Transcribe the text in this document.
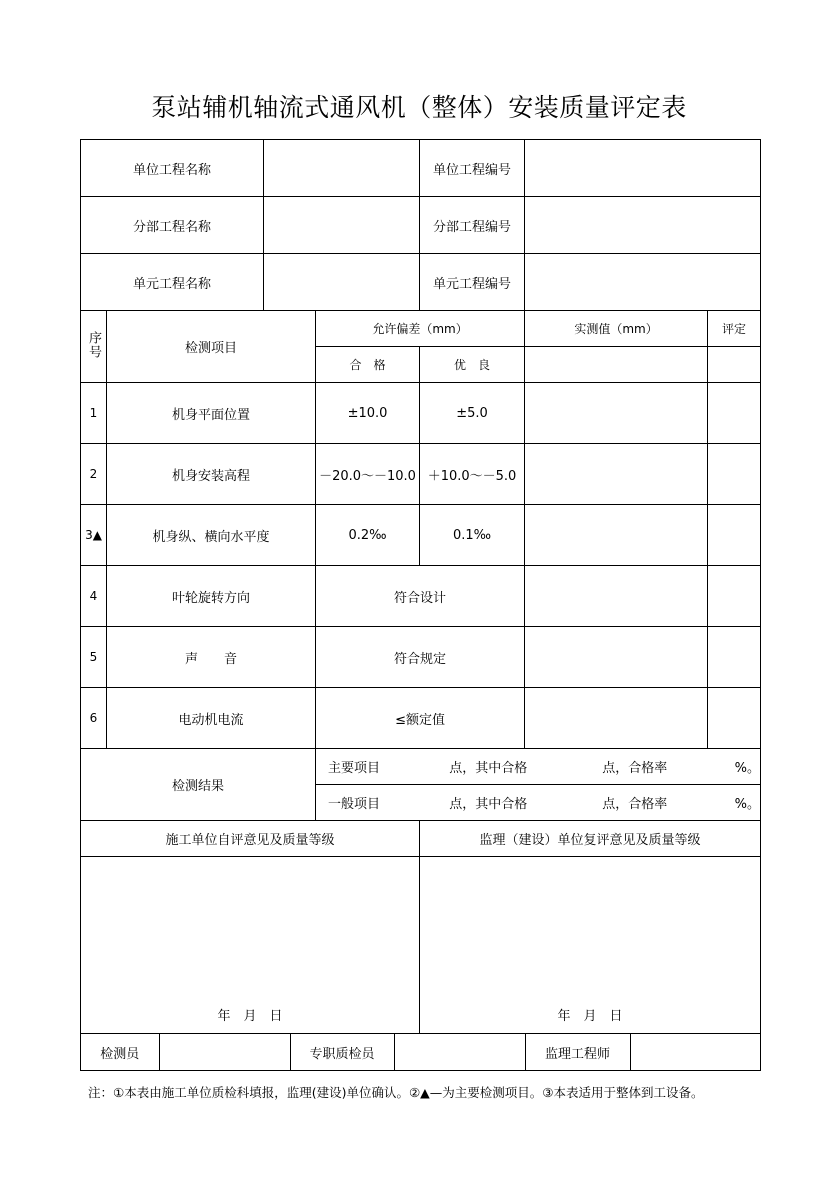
泵站辅机轴流式通风机（整体）安装质量评定表
单位工程名称		单位工程编号	
分部工程名称		分部工程编号	
单元工程名称		单元工程编号	
序号	检测项目	允许偏差（mm）	实测值（mm）	评定
合　格	优　良		
1	机身平面位置	±10.0	±5.0		
2	机身安装高程	－20.0～－10.0	＋10.0～－5.0		
3▲	机身纵、横向水平度	0.2‰	0.1‰		
4	叶轮旋转方向	符合设计		
5	声　　音	符合规定		
6	电动机电流	≤额定值		
检测结果	
主要项目	点，其中合格	点，合格率	%。

一般项目	点，其中合格	点，合格率	%。

施工单位自评意见及质量等级	监理（建设）单位复评意见及质量等级

年　月　日	年　月　日

检测员		专职质检员		监理工程师	
注：①本表由施工单位质检科填报，监理(建设)单位确认。②▲—为主要检测项目。③本表适用于整体到工设备。
